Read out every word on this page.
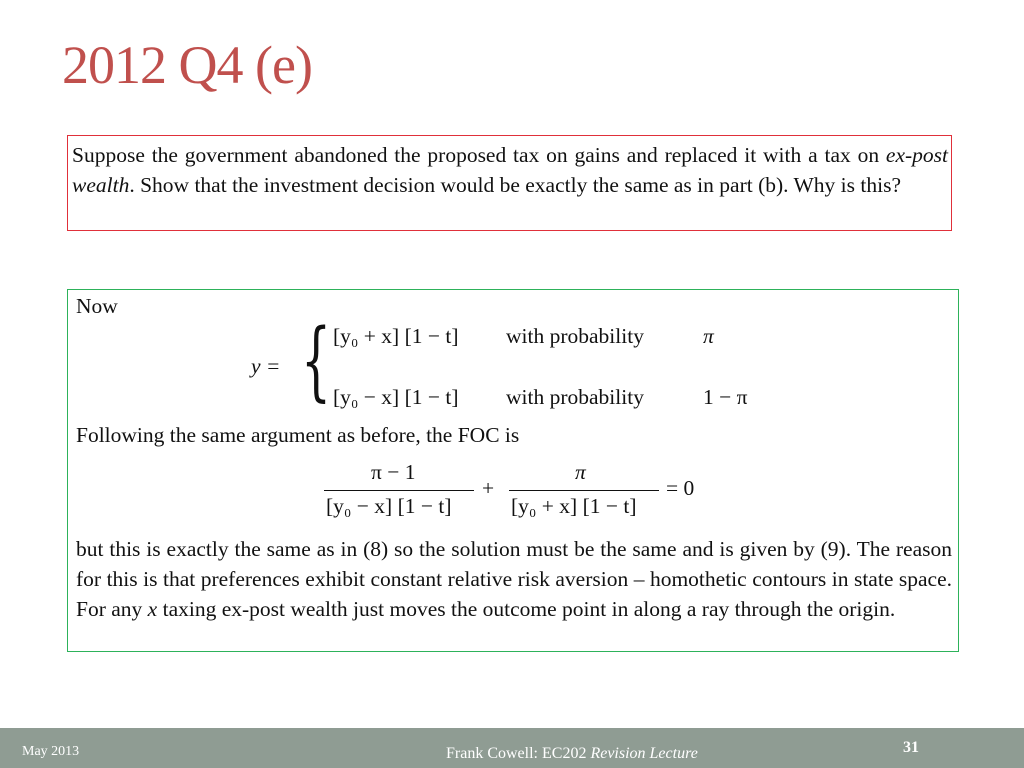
2012 Q4 (e)
Suppose the government abandoned the proposed tax on gains and replaced it with a tax on ex-post wealth. Show that the investment decision would be exactly the same as in part (b). Why is this?
Now
y = { [y₀ + x] [1 − t] with probability	π
[y₀ − x] [1 − t] with probability	1 − π
Following the same argument as before, the FOC is
π − 1
[y₀ − x] [1 − t]
+
π
[y₀ + x] [1 − t]
= 0
but this is exactly the same as in (8) so the solution must be the same and is given by (9). The reason for this is that preferences exhibit constant relative risk aversion – homothetic contours in state space. For any x taxing ex-post wealth just moves the outcome point in along a ray through the origin.
May 2013	Frank Cowell: EC202 Revision Lecture	31
